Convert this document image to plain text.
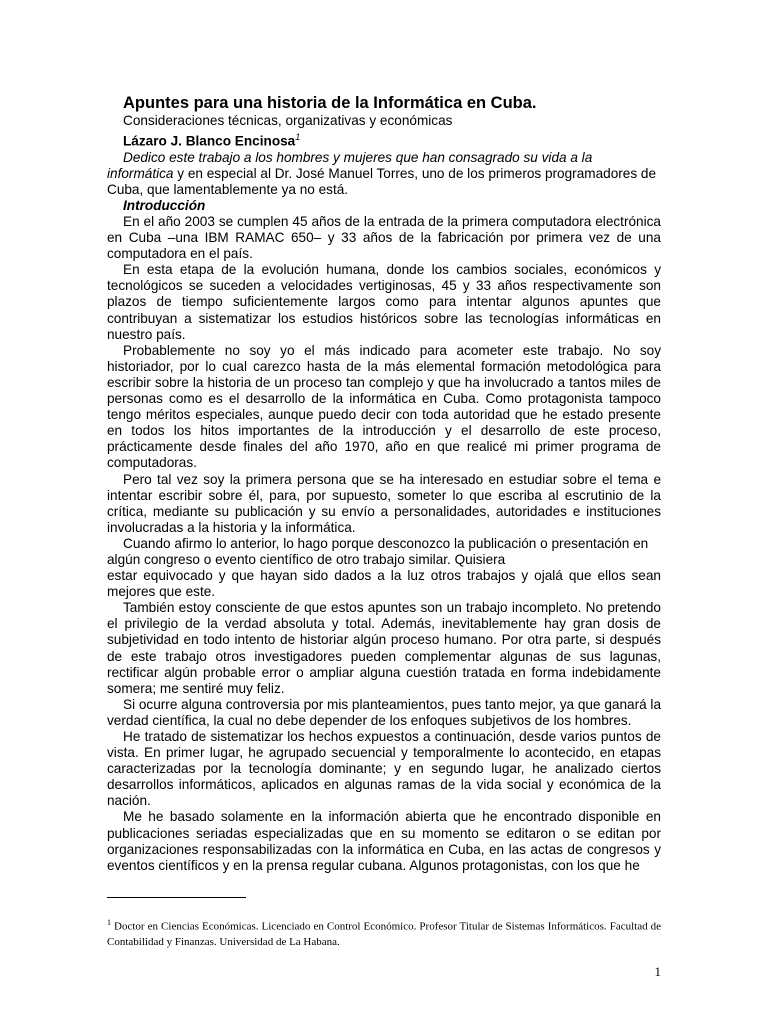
Apuntes para una historia de la Informática en Cuba.

Consideraciones técnicas, organizativas y económicas

Lázaro J. Blanco Encinosa$^1$

Dedico este trabajo a los hombres y mujeres que han consagrado su vida a la informática y en especial al Dr. José Manuel Torres, uno de los primeros programadores de Cuba, que lamentablemente ya no está.

Introducción

En el año 2003 se cumplen 45 años de la entrada de la primera computadora electrónica en Cuba –una IBM RAMAC 650– y 33 años de la fabricación por primera vez de una computadora en el país.

En esta etapa de la evolución humana, donde los cambios sociales, económicos y tecnológicos se suceden a velocidades vertiginosas, 45 y 33 años respectivamente son plazos de tiempo suficientemente largos como para intentar algunos apuntes que contribuyan a sistematizar los estudios históricos sobre las tecnologías informáticas en nuestro país.

Probablemente no soy yo el más indicado para acometer este trabajo. No soy historiador, por lo cual carezco hasta de la más elemental formación metodológica para escribir sobre la historia de un proceso tan complejo y que ha involucrado a tantos miles de personas como es el desarrollo de la informática en Cuba. Como protagonista tampoco tengo méritos especiales, aunque puedo decir con toda autoridad que he estado presente en todos los hitos importantes de la introducción y el desarrollo de este proceso, prácticamente desde finales del año 1970, año en que realicé mi primer programa de computadoras.

Pero tal vez soy la primera persona que se ha interesado en estudiar sobre el tema e intentar escribir sobre él, para, por supuesto, someter lo que escriba al escrutinio de la crítica, mediante su publicación y su envío a personalidades, autoridades e instituciones involucradas a la historia y la informática.

Cuando afirmo lo anterior, lo hago porque desconozco la publicación o presentación en algún congreso o evento científico de otro trabajo similar. Quisiera

estar equivocado y que hayan sido dados a la luz otros trabajos y ojalá que ellos sean mejores que este.

También estoy consciente de que estos apuntes son un trabajo incompleto. No pretendo el privilegio de la verdad absoluta y total. Además, inevitablemente hay gran dosis de subjetividad en todo intento de historiar algún proceso humano. Por otra parte, si después de este trabajo otros investigadores pueden complementar algunas de sus lagunas, rectificar algún probable error o ampliar alguna cuestión tratada en forma indebidamente somera; me sentiré muy feliz.

Si ocurre alguna controversia por mis planteamientos, pues tanto mejor, ya que ganará la verdad científica, la cual no debe depender de los enfoques subjetivos de los hombres.

He tratado de sistematizar los hechos expuestos a continuación, desde varios puntos de vista. En primer lugar, he agrupado secuencial y temporalmente lo acontecido, en etapas caracterizadas por la tecnología dominante; y en segundo lugar, he analizado ciertos desarrollos informáticos, aplicados en algunas ramas de la vida social y económica de la nación.

Me he basado solamente en la información abierta que he encontrado disponible en publicaciones seriadas especializadas que en su momento se editaron o se editan por organizaciones responsabilizadas con la informática en Cuba, en las actas de congresos y eventos científicos y en la prensa regular cubana. Algunos protagonistas, con los que he

$^1$ Doctor en Ciencias Económicas. Licenciado en Control Económico. Profesor Titular de Sistemas Informáticos. Facultad de Contabilidad y Finanzas. Universidad de La Habana.

1
